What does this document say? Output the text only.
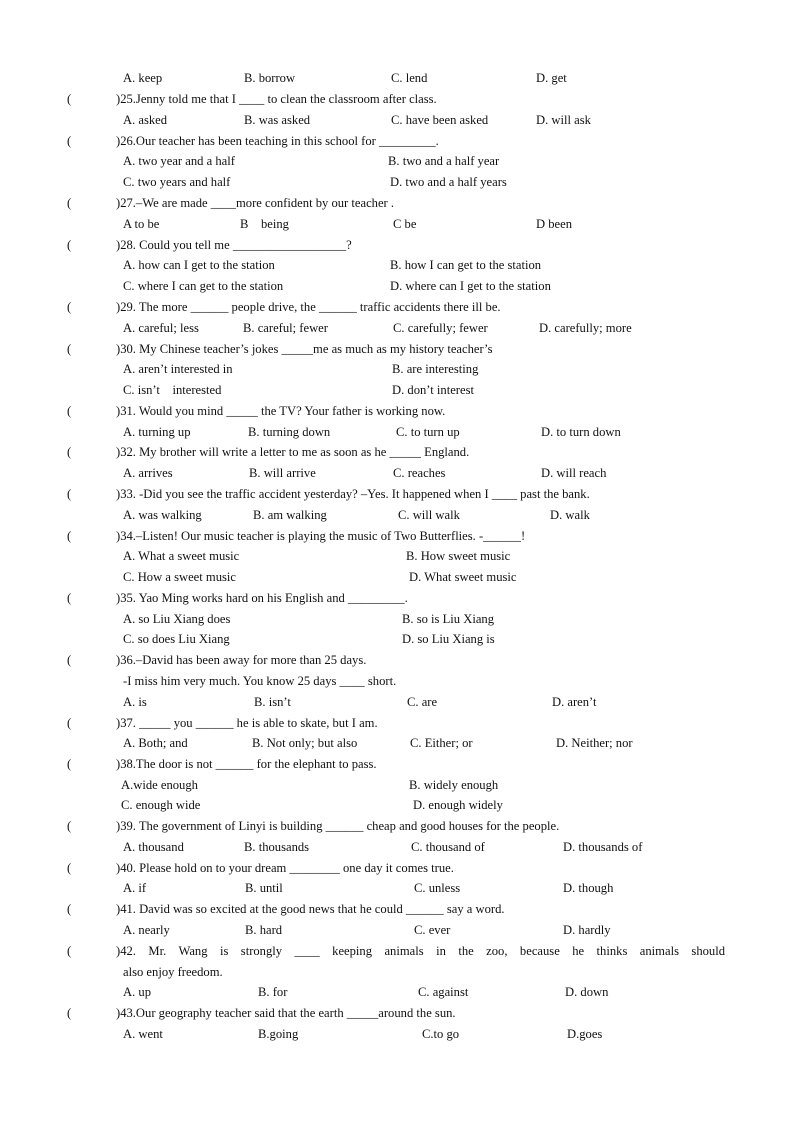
A. keep	B. borrow	C. lend	D. get
(	)25.Jenny told me that I ____ to clean the classroom after class.
A. asked	B. was asked	C. have been asked	D. will ask
(	)26.Our teacher has been teaching in this school for _________.
A. two year and a half	B. two and a half year
C. two years and half	D. two and a half years
(	)27.–We are made ____more confident by our teacher .
A to be	B    being	C be	D been
(	)28. Could you tell me __________________?
A. how can I get to the station	B. how I can get to the station
C. where I can get to the station	D. where can I get to the station
(	)29. The more ______ people drive, the ______ traffic accidents there ill be.
A. careful; less	B. careful; fewer	C. carefully; fewer	D. carefully; more
(	)30. My Chinese teacher’s jokes _____me as much as my history teacher’s
A. aren’t interested in	B. are interesting
C. isn’t    interested	D. don’t interest
(	)31. Would you mind _____ the TV? Your father is working now.
A. turning up	B. turning down	C. to turn up	D. to turn down
(	)32. My brother will write a letter to me as soon as he _____ England.
A. arrives	B. will arrive	C. reaches	D. will reach
(	)33. -Did you see the traffic accident yesterday? –Yes. It happened when I ____ past the bank.
A. was walking	B. am walking	C. will walk	D. walk
(	)34.–Listen! Our music teacher is playing the music of Two Butterflies. -______!
A. What a sweet music	B. How sweet music
C. How a sweet music	D. What sweet music
(	)35. Yao Ming works hard on his English and _________.
A. so Liu Xiang does	B. so is Liu Xiang
C. so does Liu Xiang	D. so Liu Xiang is
(	)36.–David has been away for more than 25 days.
-I miss him very much. You know 25 days ____ short.
A. is	B. isn’t	C. are	D. aren’t
(	)37. _____ you ______ he is able to skate, but I am.
A. Both; and	B. Not only; but also	C. Either; or	D. Neither; nor
(	)38.The door is not ______ for the elephant to pass.
A.wide enough	B. widely enough
C. enough wide	D. enough widely
(	)39. The government of Linyi is building ______ cheap and good houses for the people.
A. thousand	B. thousands	C. thousand of	D. thousands of
(	)40. Please hold on to your dream ________ one day it comes true.
A. if	B. until	C. unless	D. though
(	)41. David was so excited at the good news that he could ______ say a word.
A. nearly	B. hard	C. ever	D. hardly
(	)42. Mr. Wang is strongly ____ keeping animals in the zoo, because he thinks animals should
also enjoy freedom.
A. up	B. for	C. against	D. down
(	)43.Our geography teacher said that the earth _____around the sun.
A. went	B.going	C.to go	D.goes
